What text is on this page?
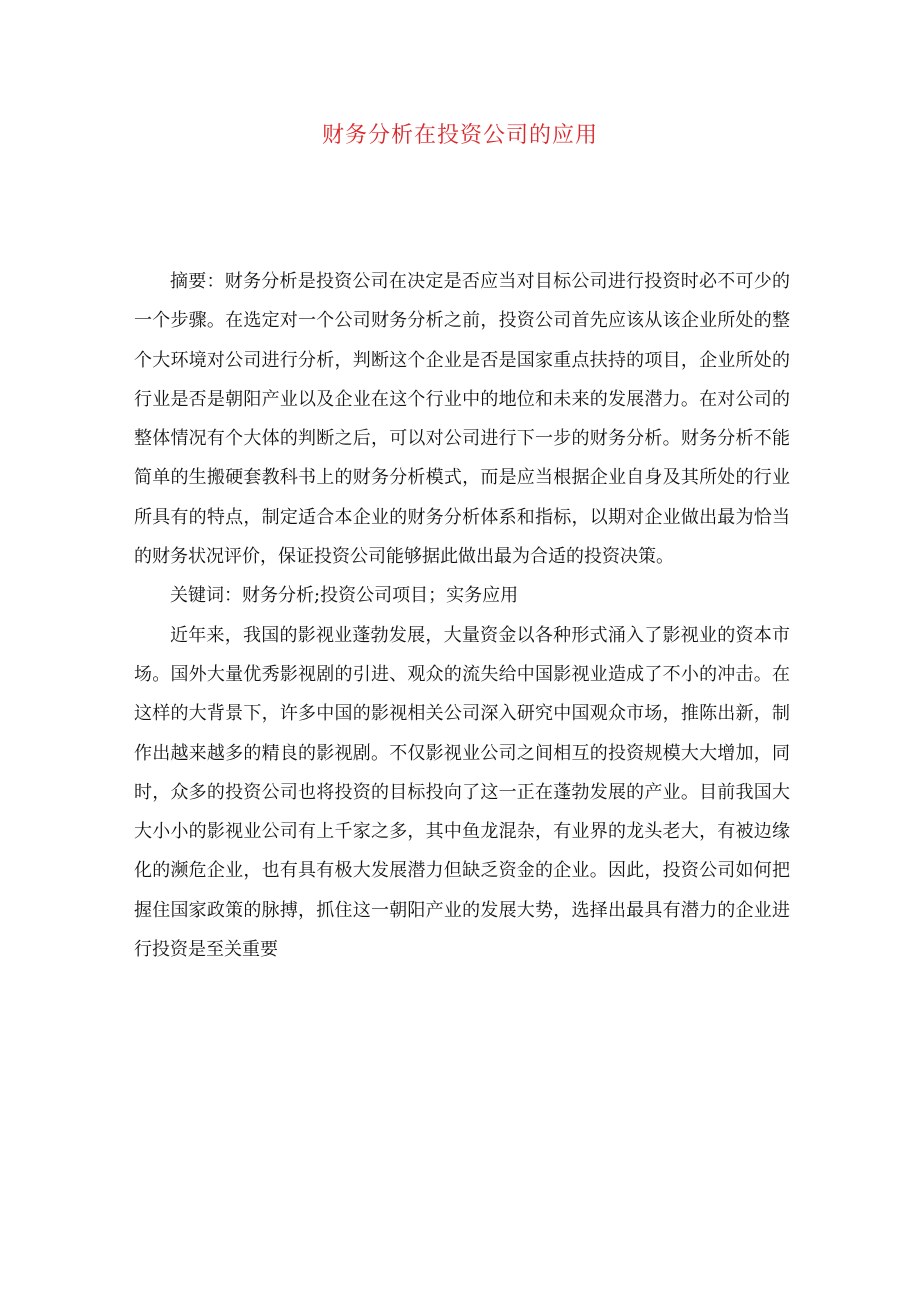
财务分析在投资公司的应用

摘要：财务分析是投资公司在决定是否应当对目标公司进行投资时必不可少的一个步骤。在选定对一个公司财务分析之前，投资公司首先应该从该企业所处的整个大环境对公司进行分析，判断这个企业是否是国家重点扶持的项目，企业所处的行业是否是朝阳产业以及企业在这个行业中的地位和未来的发展潜力。在对公司的整体情况有个大体的判断之后，可以对公司进行下一步的财务分析。财务分析不能简单的生搬硬套教科书上的财务分析模式，而是应当根据企业自身及其所处的行业所具有的特点，制定适合本企业的财务分析体系和指标，以期对企业做出最为恰当的财务状况评价，保证投资公司能够据此做出最为合适的投资决策。

关键词：财务分析;投资公司项目；实务应用

近年来，我国的影视业蓬勃发展，大量资金以各种形式涌入了影视业的资本市场。国外大量优秀影视剧的引进、观众的流失给中国影视业造成了不小的冲击。在这样的大背景下，许多中国的影视相关公司深入研究中国观众市场，推陈出新，制作出越来越多的精良的影视剧。不仅影视业公司之间相互的投资规模大大增加，同时，众多的投资公司也将投资的目标投向了这一正在蓬勃发展的产业。目前我国大大小小的影视业公司有上千家之多，其中鱼龙混杂，有业界的龙头老大，有被边缘化的濒危企业，也有具有极大发展潜力但缺乏资金的企业。因此，投资公司如何把握住国家政策的脉搏，抓住这一朝阳产业的发展大势，选择出最具有潜力的企业进行投资是至关重要
